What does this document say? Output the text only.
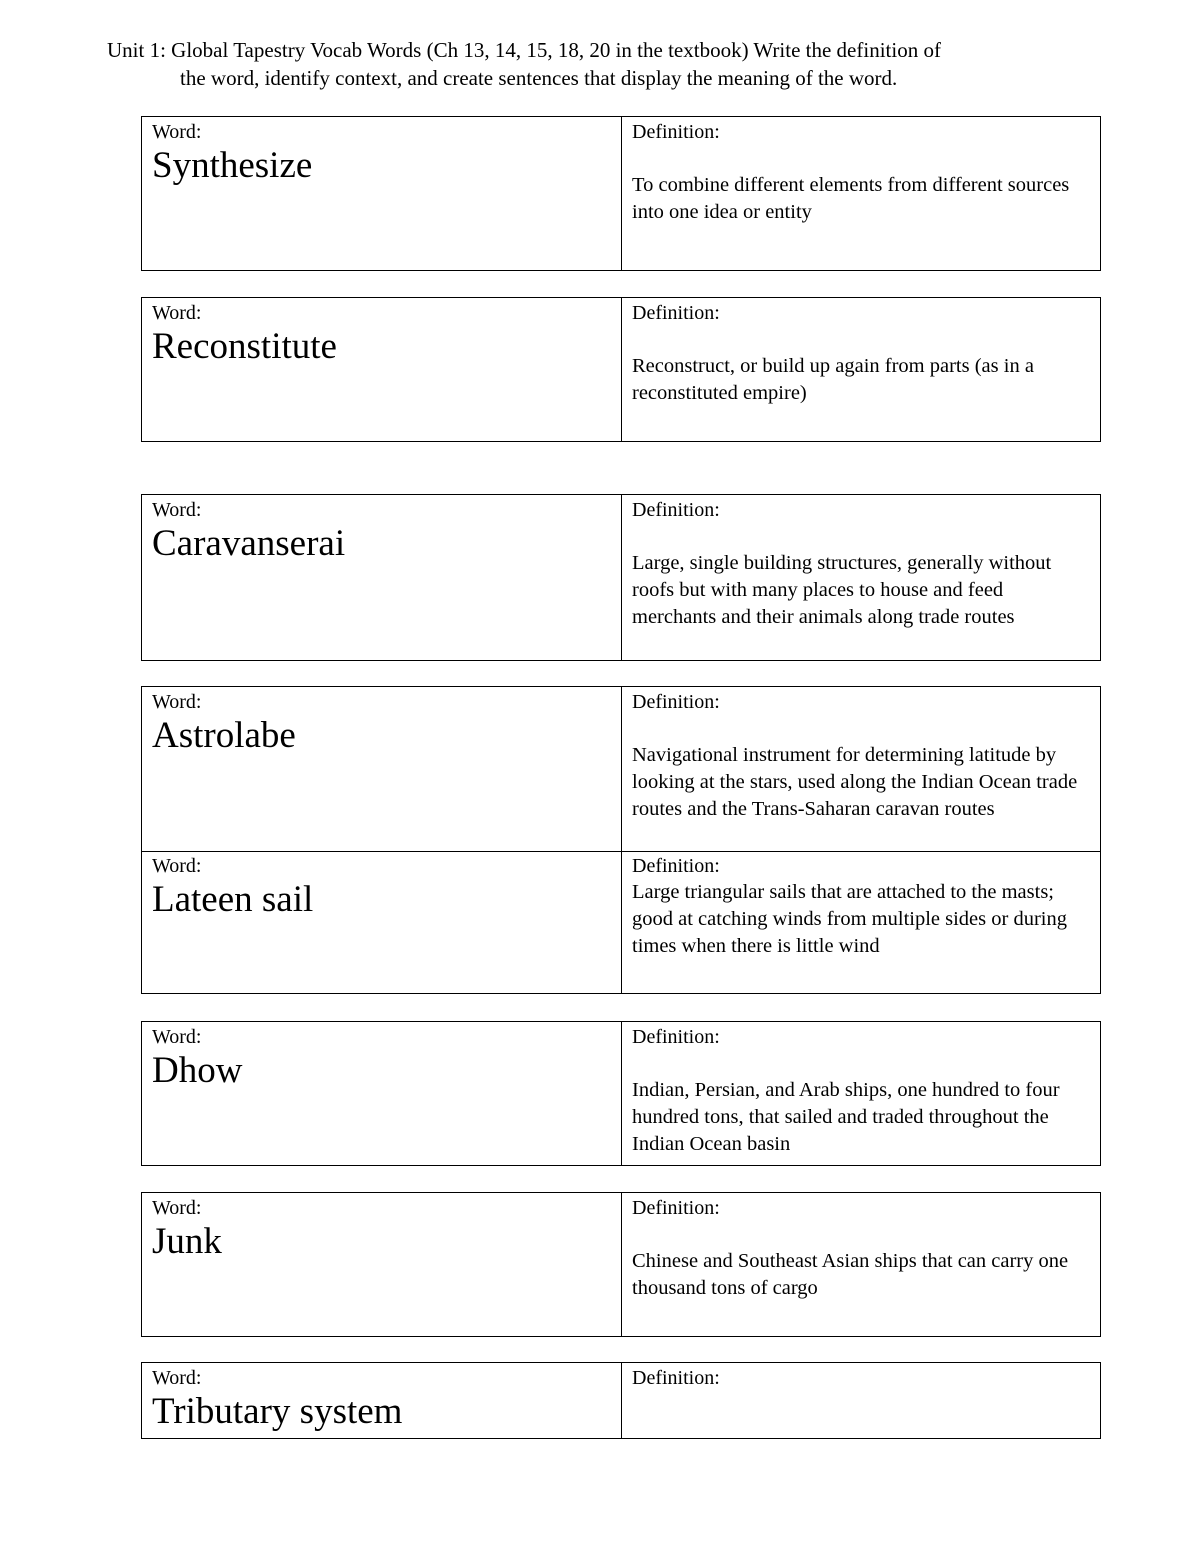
Unit 1: Global Tapestry Vocab Words (Ch 13, 14, 15, 18, 20 in the textbook) Write the definition of
the word, identify context, and create sentences that display the meaning of the word.
Word:
Synthesize
Definition:
To combine different elements from different sources into one idea or entity
Word:
Reconstitute
Definition:
Reconstruct, or build up again from parts (as in a reconstituted empire)
Word:
Caravanserai
Definition:
Large, single building structures, generally without roofs but with many places to house and feed merchants and their animals along trade routes
Word:
Astrolabe
Definition:
Navigational instrument for determining latitude by looking at the stars, used along the Indian Ocean trade routes and the Trans-Saharan caravan routes
Word:
Lateen sail
Definition:
Large triangular sails that are attached to the masts; good at catching winds from multiple sides or during times when there is little wind
Word:
Dhow
Definition:
Indian, Persian, and Arab ships, one hundred to four hundred tons, that sailed and traded throughout the Indian Ocean basin
Word:
Junk
Definition:
Chinese and Southeast Asian ships that can carry one thousand tons of cargo
Word:
Tributary system
Definition:
